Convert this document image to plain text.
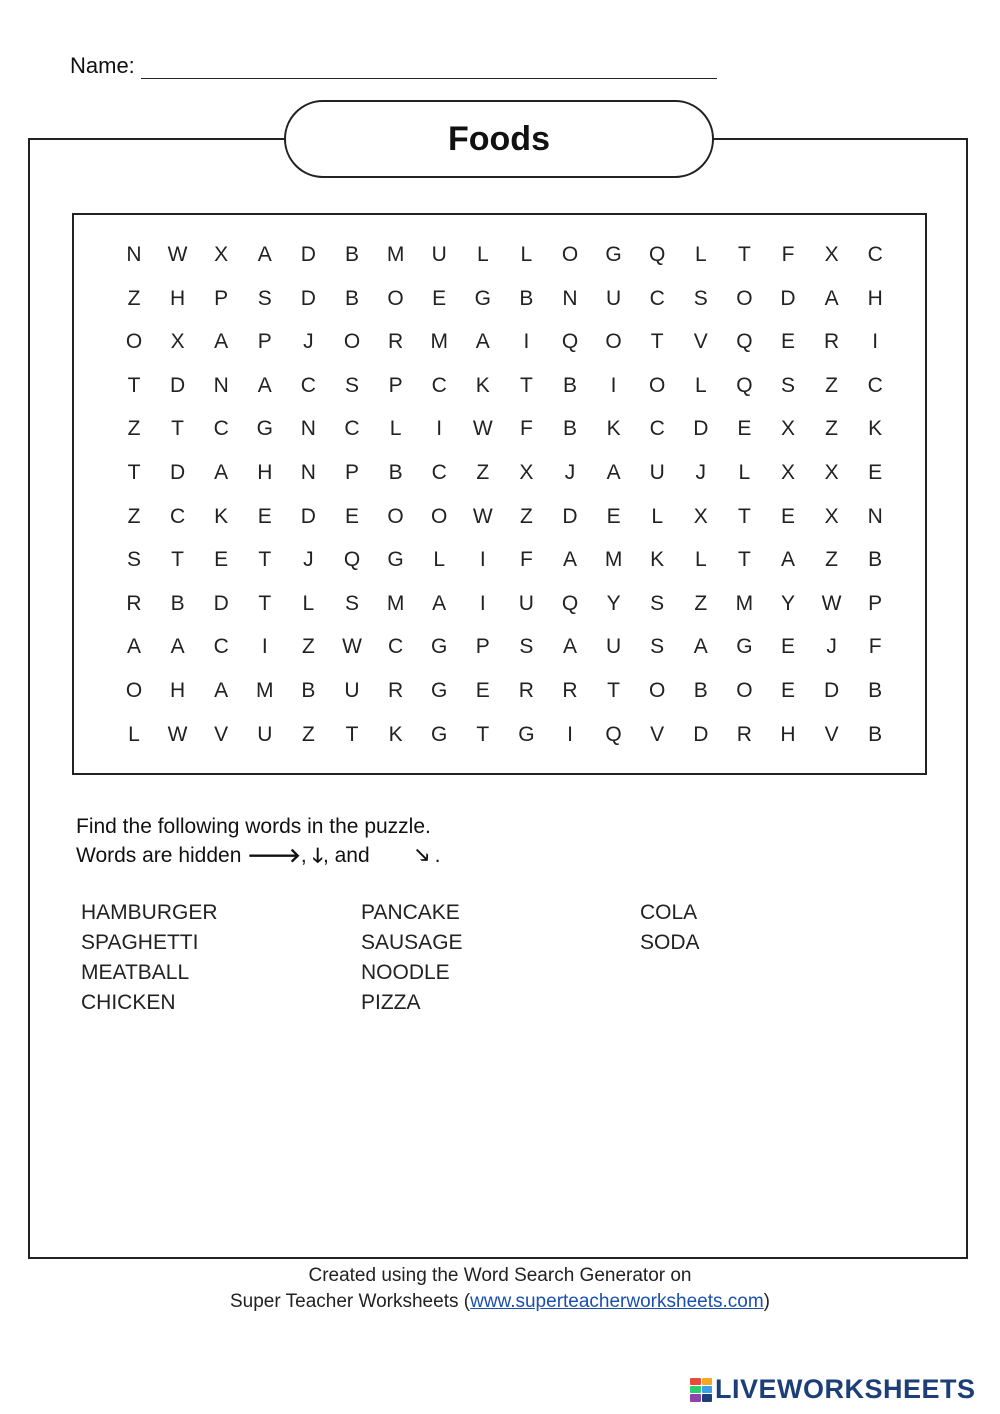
Name:
Foods
N	W	X	A	D	B	M	U	L	L	O	G	Q	L	T	F	X	C
Z	H	P	S	D	B	O	E	G	B	N	U	C	S	O	D	A	H
O	X	A	P	J	O	R	M	A	I	Q	O	T	V	Q	E	R	I
T	D	N	A	C	S	P	C	K	T	B	I	O	L	Q	S	Z	C
Z	T	C	G	N	C	L	I	W	F	B	K	C	D	E	X	Z	K
T	D	A	H	N	P	B	C	Z	X	J	A	U	J	L	X	X	E
Z	C	K	E	D	E	O	O	W	Z	D	E	L	X	T	E	X	N
S	T	E	T	J	Q	G	L	I	F	A	M	K	L	T	A	Z	B
R	B	D	T	L	S	M	A	I	U	Q	Y	S	Z	M	Y	W	P
A	A	C	I	Z	W	C	G	P	S	A	U	S	A	G	E	J	F
O	H	A	M	B	U	R	G	E	R	R	T	O	B	O	E	D	B
L	W	V	U	Z	T	K	G	T	G	I	Q	V	D	R	H	V	B
Find the following words in the puzzle.
Words are hidden 🡒, 🡓, and 🡖 .
HAMBURGER
SPAGHETTI
MEATBALL
CHICKEN
PANCAKE
SAUSAGE
NOODLE
PIZZA
COLA
SODA
Created using the Word Search Generator on
Super Teacher Worksheets (www.superteacherworksheets.com)
LIVEWORKSHEETS
